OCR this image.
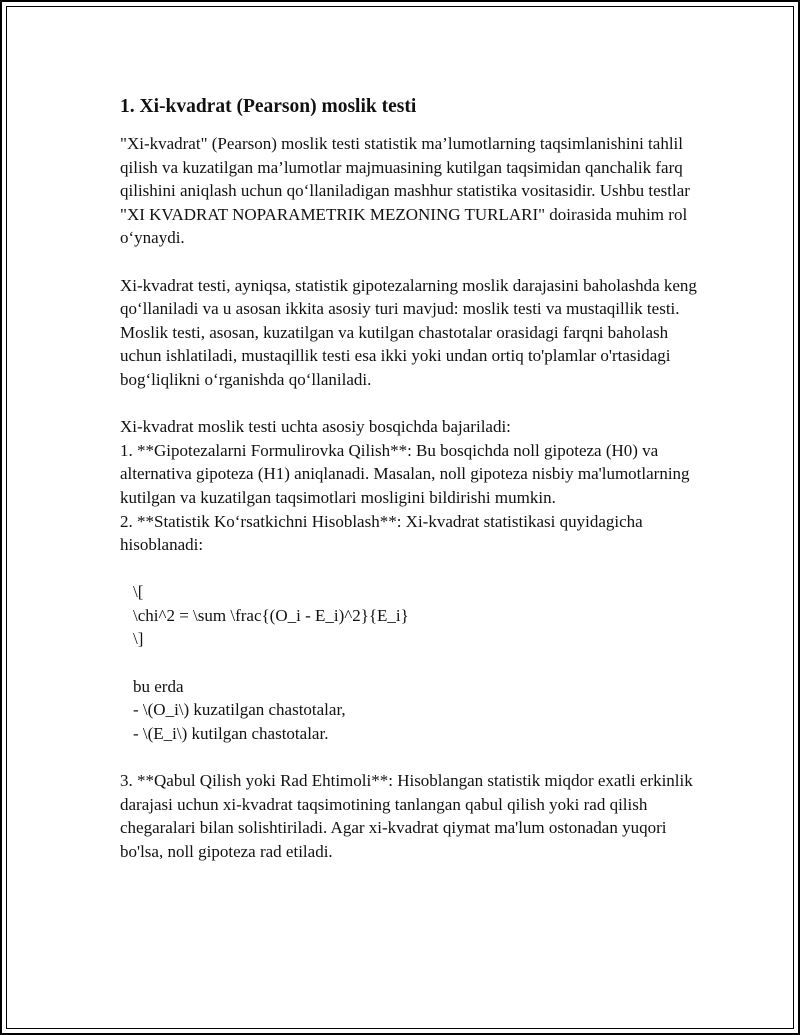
1. Xi-kvadrat (Pearson) moslik testi

"Xi-kvadrat" (Pearson) moslik testi statistik ma’lumotlarning taqsimlanishini tahlil qilish va kuzatilgan ma’lumotlar majmuasining kutilgan taqsimidan qanchalik farq qilishini aniqlash uchun qo‘llaniladigan mashhur statistika vositasidir. Ushbu testlar "XI KVADRAT NOPARAMETRIK MEZONING TURLARI" doirasida muhim rol o‘ynaydi.

Xi-kvadrat testi, ayniqsa, statistik gipotezalarning moslik darajasini baholashda keng qo‘llaniladi va u asosan ikkita asosiy turi mavjud: moslik testi va mustaqillik testi. Moslik testi, asosan, kuzatilgan va kutilgan chastotalar orasidagi farqni baholash uchun ishlatiladi, mustaqillik testi esa ikki yoki undan ortiq to'plamlar o'rtasidagi bog‘liqlikni o‘rganishda qo‘llaniladi.

Xi-kvadrat moslik testi uchta asosiy bosqichda bajariladi:

1. **Gipotezalarni Formulirovka Qilish**: Bu bosqichda noll gipoteza (H0) va alternativa gipoteza (H1) aniqlanadi. Masalan, noll gipoteza nisbiy ma'lumotlarning kutilgan va kuzatilgan taqsimotlari mosligini bildirishi mumkin.

2. **Statistik Ko‘rsatkichni Hisoblash**: Xi-kvadrat statistikasi quyidagicha hisoblanadi:

\[

\chi^2 = \sum \frac{(O_i - E_i)^2}{E_i}

\]

bu erda

- \(O_i\) kuzatilgan chastotalar,

- \(E_i\) kutilgan chastotalar.

3. **Qabul Qilish yoki Rad Ehtimoli**: Hisoblangan statistik miqdor exatli erkinlik darajasi uchun xi-kvadrat taqsimotining tanlangan qabul qilish yoki rad qilish chegaralari bilan solishtiriladi. Agar xi-kvadrat qiymat ma'lum ostonadan yuqori bo'lsa, noll gipoteza rad etiladi.
